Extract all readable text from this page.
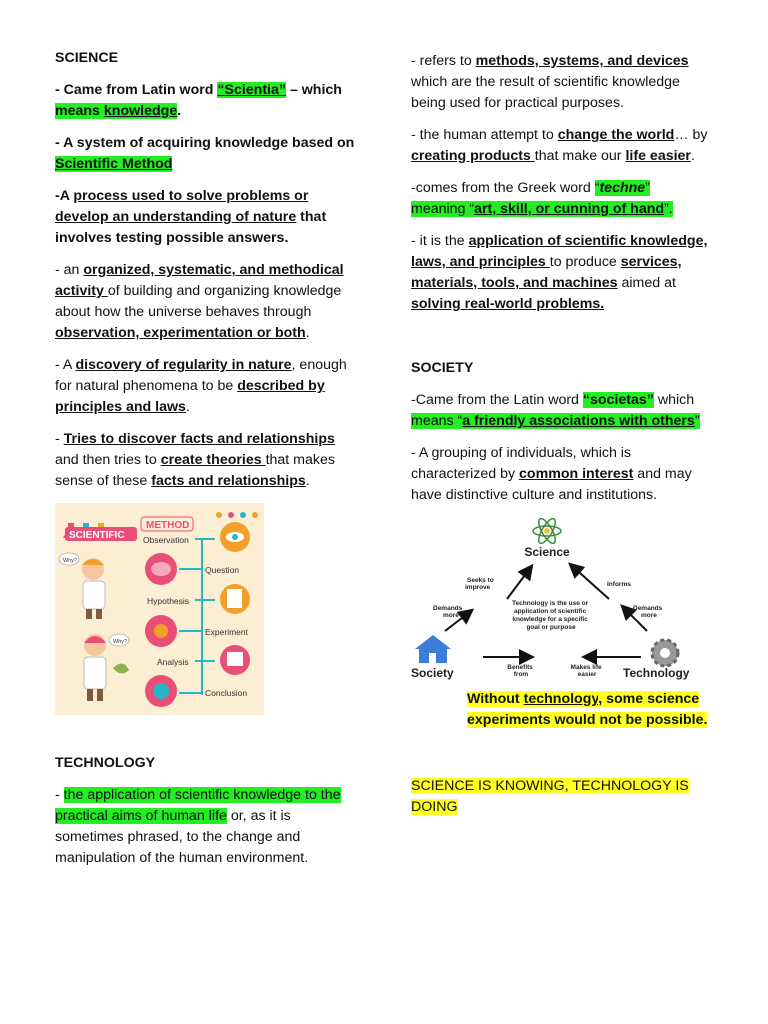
SCIENCE

- Came from Latin word “Scientia” – which
means knowledge.

- A system of acquiring knowledge based on Scientific Method

-A process used to solve problems or develop an understanding of nature that involves testing possible answers.

- an organized, systematic, and methodical activity of building and organizing knowledge about how the universe behaves through observation, experimentation or both.

- A discovery of regularity in nature, enough for natural phenomena to be described by principles and laws.

- Tries to discover facts and relationships and then tries to create theories that makes sense of these facts and relationships.

SCIENTIFIC
METHOD
Observation
Question
Hypothesis
Experiment
Analysis
Conclusion
Why?
Why?
TECHNOLOGY

- the application of scientific knowledge to the practical aims of human life or, as it is sometimes phrased, to the change and manipulation of the human environment.

- refers to methods, systems, and devices which are the result of scientific knowledge being used for practical purposes.

- the human attempt to change the world… by creating products that make our life easier.

-comes from the Greek word “techne”
meaning “art, skill, or cunning of hand”.

- it is the application of scientific knowledge, laws, and principles to produce services, materials, tools, and machines aimed at solving real-world problems.

SOCIETY

-Came from the Latin word “societas” which means “a friendly associations with others”

- A grouping of individuals, which is characterized by common interest and may have distinctive culture and institutions.

Science
Society	Technology
Seeks to improve	Informs
Demands more
Demands more
Technology is the use or application of scientific knowledge for a specific goal or purpose
Benefits from
Makes life easier

Without technology, some science experiments would not be possible.

SCIENCE IS KNOWING, TECHNOLOGY IS DOING
